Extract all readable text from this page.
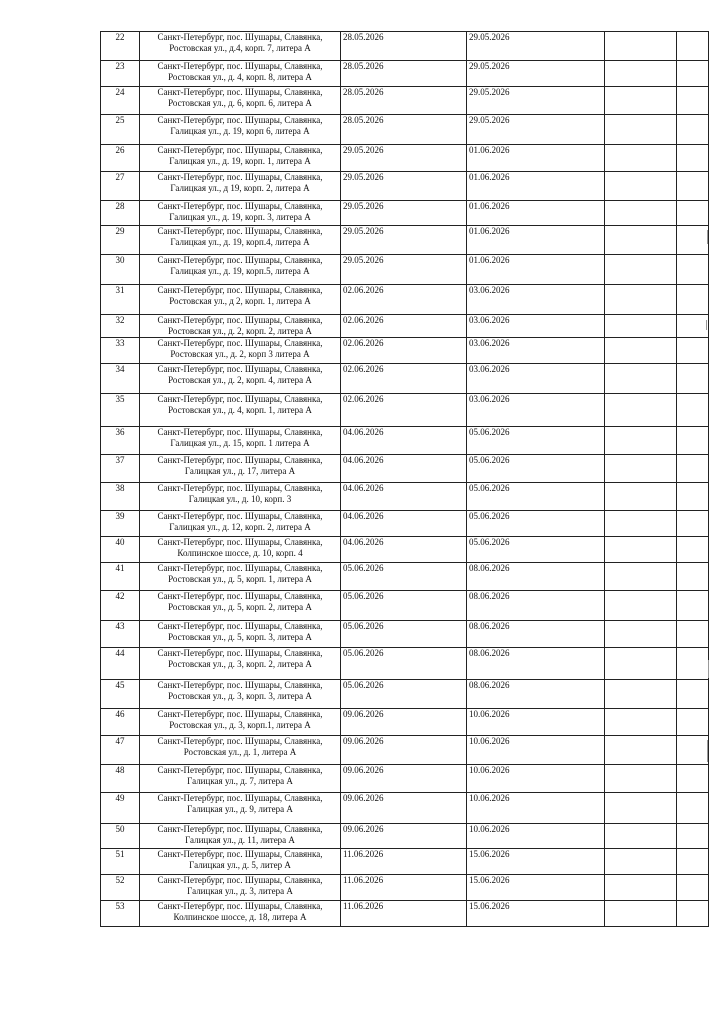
22	Санкт-Петербург, пос. Шушары, Славянка,
Ростовская ул., д.4, корп. 7, литера А	28.05.2026	29.05.2026		
23	Санкт-Петербург, пос. Шушары, Славянка,
Ростовская ул., д. 4, корп. 8, литера А	28.05.2026	29.05.2026		
24	Санкт-Петербург, пос. Шушары, Славянка,
Ростовская ул., д. 6, корп. 6, литера А	28.05.2026	29.05.2026		
25	Санкт-Петербург, пос. Шушары, Славянка,
Галицкая ул., д. 19, корп 6, литера А	28.05.2026	29.05.2026		
26	Санкт-Петербург, пос. Шушары, Славянка,
Галицкая ул., д. 19, корп. 1, литера А	29.05.2026	01.06.2026		
27	Санкт-Петербург, пос. Шушары, Славянка,
Галицкая ул., д 19, корп. 2, литера А	29.05.2026	01.06.2026		
28	Санкт-Петербург, пос. Шушары, Славянка,
Галицкая ул., д. 19, корп. 3, литера А	29.05.2026	01.06.2026		
29	Санкт-Петербург, пос. Шушары, Славянка,
Галицкая ул., д. 19, корп.4, литера А	29.05.2026	01.06.2026		
30	Санкт-Петербург, пос. Шушары, Славянка,
Галицкая ул., д. 19, корп.5, литера А	29.05.2026	01.06.2026		
31	Санкт-Петербург, пос. Шушары, Славянка,
Ростовская ул., д 2, корп. 1, литера А	02.06.2026	03.06.2026		
32	Санкт-Петербург, пос. Шушары, Славянка,
Ростовская ул., д. 2, корп. 2, литера А	02.06.2026	03.06.2026		
33	Санкт-Петербург, пос. Шушары, Славянка,
Ростовская ул., д. 2, корп 3 литера А	02.06.2026	03.06.2026		
34	Санкт-Петербург, пос. Шушары, Славянка,
Ростовская ул., д. 2, корп. 4, литера А	02.06.2026	03.06.2026		
35	Санкт-Петербург, пос. Шушары, Славянка,
Ростовская ул., д. 4, корп. 1, литера А	02.06.2026	03.06.2026		
36	Санкт-Петербург, пос. Шушары, Славянка,
Галицкая ул., д. 15, корп. 1 литера А	04.06.2026	05.06.2026		
37	Санкт-Петербург, пос. Шушары, Славянка,
Галицкая ул., д. 17, литера А	04.06.2026	05.06.2026		
38	Санкт-Петербург, пос. Шушары, Славянка,
Галицкая ул., д. 10, корп. 3	04.06.2026	05.06.2026		
39	Санкт-Петербург, пос. Шушары, Славянка,
Галицкая ул., д. 12, корп. 2, литера А	04.06.2026	05.06.2026		
40	Санкт-Петербург, пос. Шушары, Славянка,
Колпинское шоссе, д. 10, корп. 4	04.06.2026	05.06.2026		
41	Санкт-Петербург, пос. Шушары, Славянка,
Ростовская ул., д. 5, корп. 1, литера А	05.06.2026	08.06.2026		
42	Санкт-Петербург, пос. Шушары, Славянка,
Ростовская ул., д. 5, корп. 2, литера А	05.06.2026	08.06.2026		
43	Санкт-Петербург, пос. Шушары, Славянка,
Ростовская ул., д. 5, корп. 3, литера А	05.06.2026	08.06.2026		
44	Санкт-Петербург, пос. Шушары, Славянка,
Ростовская ул., д. 3, корп. 2, литера А	05.06.2026	08.06.2026		
45	Санкт-Петербург, пос. Шушары, Славянка,
Ростовская ул., д. 3, корп. 3, литера А	05.06.2026	08.06.2026		
46	Санкт-Петербург, пос. Шушары, Славянка,
Ростовская ул., д. 3, корп.1, литера А	09.06.2026	10.06.2026		
47	Санкт-Петербург, пос. Шушары, Славянка,
Ростовская ул., д. 1, литера А	09.06.2026	10.06.2026		
48	Санкт-Петербург, пос. Шушары, Славянка,
Галицкая ул., д. 7, литера А	09.06.2026	10.06.2026		
49	Санкт-Петербург, пос. Шушары, Славянка,
Галицкая ул., д. 9, литера А	09.06.2026	10.06.2026		
50	Санкт-Петербург, пос. Шушары, Славянка,
Галицкая ул., д. 11, литера А	09.06.2026	10.06.2026		
51	Санкт-Петербург, пос. Шушары, Славянка,
Галицкая ул., д. 5, литер А	11.06.2026	15.06.2026		
52	Санкт-Петербург, пос. Шушары, Славянка,
Галицкая ул., д. 3, литера А	11.06.2026	15.06.2026		
53	Санкт-Петербург, пос. Шушары, Славянка,
Колпинское шоссе, д. 18, литера А	11.06.2026	15.06.2026		
